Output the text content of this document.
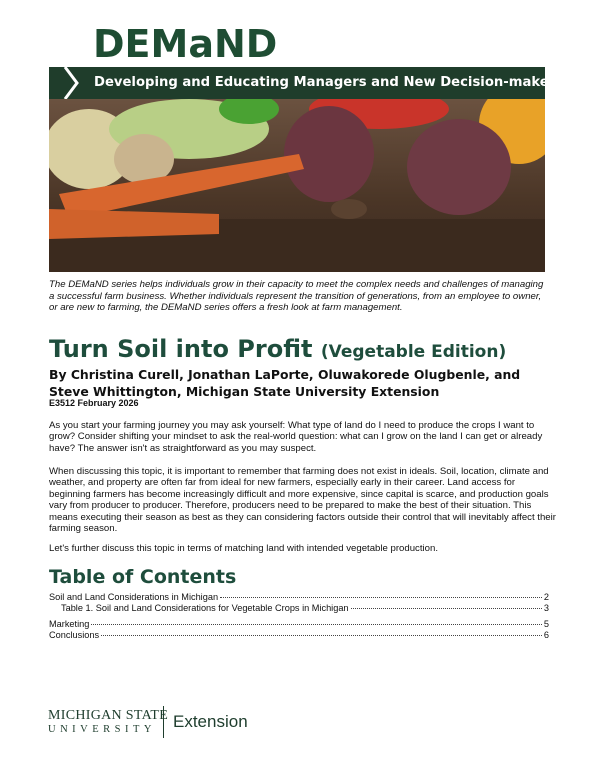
DEMaND
Developing and Educating Managers and New Decision-makers
The DEMaND series helps individuals grow in their capacity to meet the complex needs and challenges of managing a successful farm business. Whether individuals represent the transition of generations, from an employee to owner, or are new to farming, the DEMaND series offers a fresh look at farm management.
Turn Soil into Profit (Vegetable Edition)
By Christina Curell, Jonathan LaPorte, Oluwakorede Olugbenle, and
Steve Whittington, Michigan State University Extension
E3512 February 2026
As you start your farming journey you may ask yourself: What type of land do I need to produce the crops I want to grow? Consider shifting your mindset to ask the real-world question: what can I grow on the land I can get or already have? The answer isn't as straightforward as you may suspect.
When discussing this topic, it is important to remember that farming does not exist in ideals. Soil, location, climate and weather, and property are often far from ideal for new farmers, especially early in their career. Land access for beginning farmers has become increasingly difficult and more expensive, since capital is scarce, and production goals vary from producer to producer. Therefore, producers need to be prepared to make the best of their situation. This means executing their season as best as they can considering factors outside their control that will inevitably affect their farming season.
Let's further discuss this topic in terms of matching land with intended vegetable production.
Table of Contents
Soil and Land Considerations in Michigan	2
Table 1. Soil and Land Considerations for Vegetable Crops in Michigan	3
Marketing	5
Conclusions	6
MICHIGAN STATE
UNIVERSITY	Extension
